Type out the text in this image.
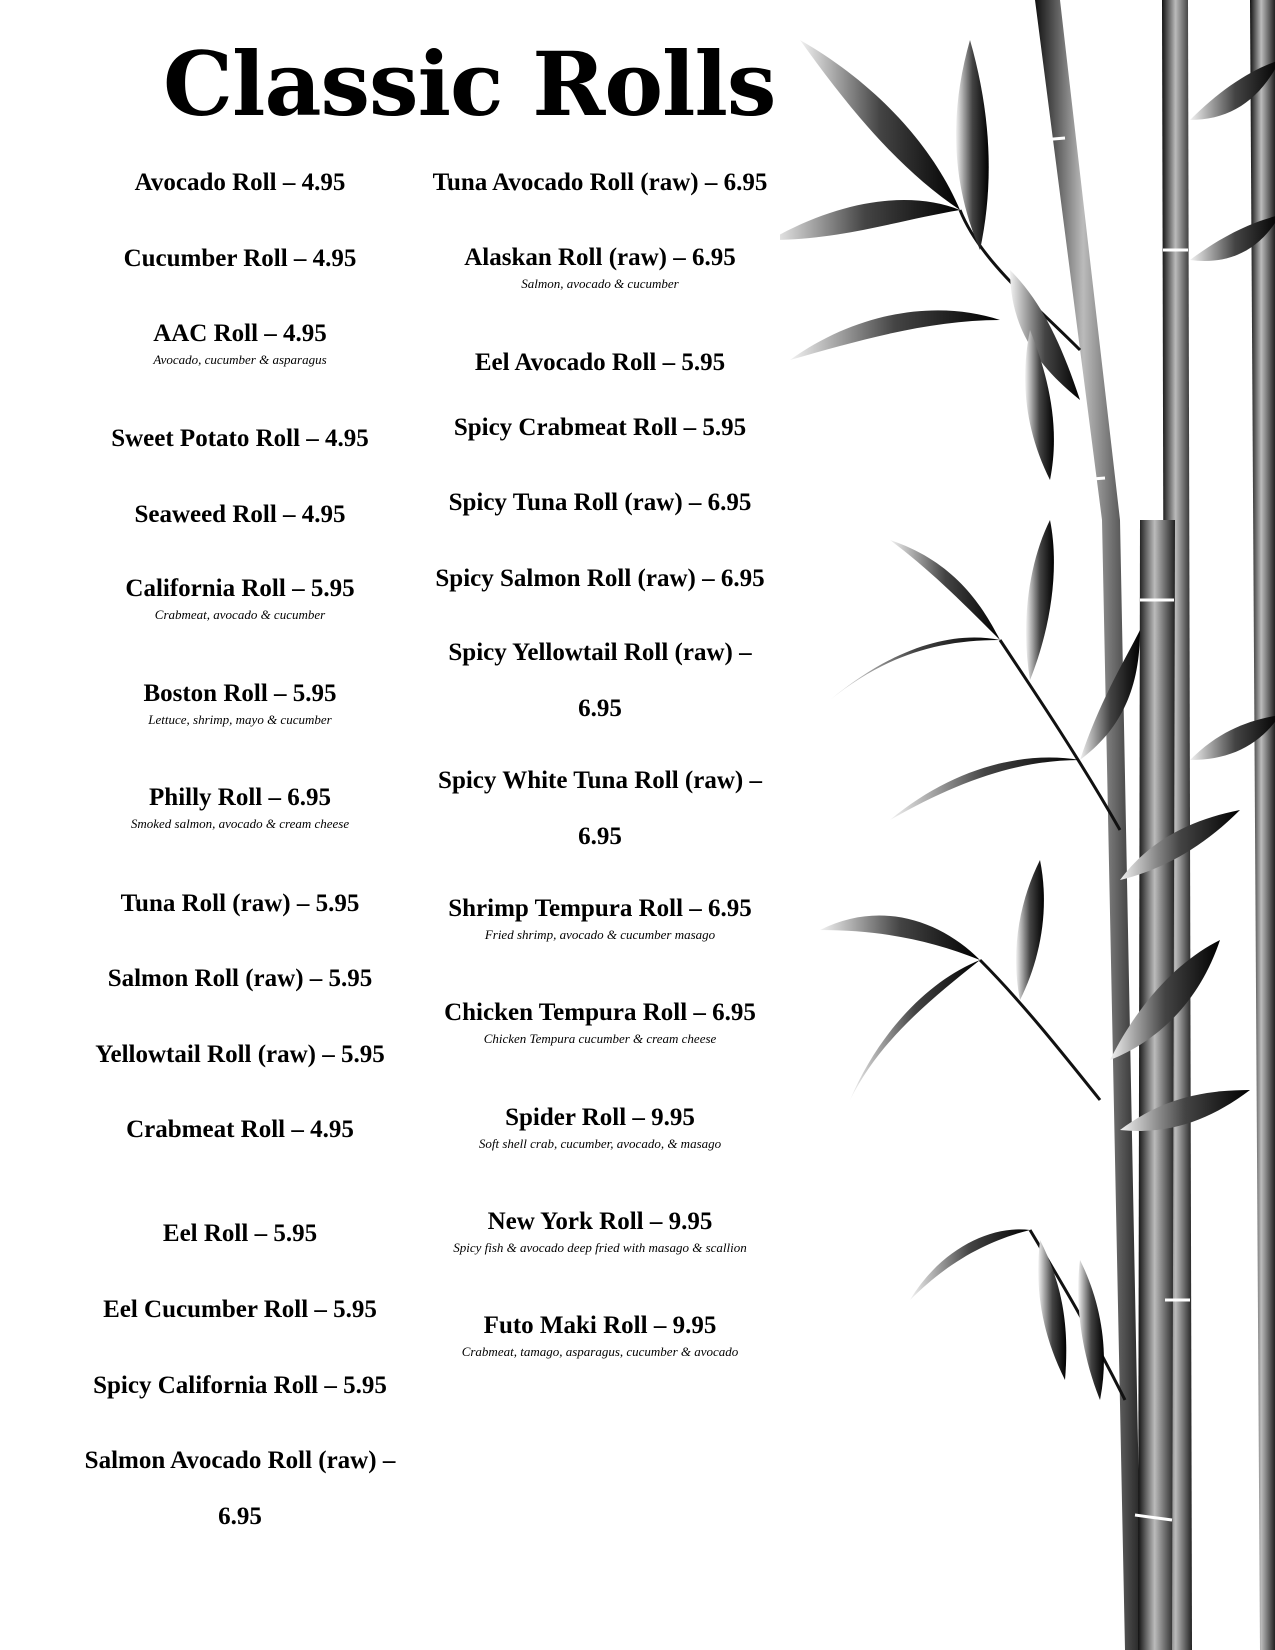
Classic Rolls
Avocado Roll – 4.95
Cucumber Roll – 4.95
AAC Roll – 4.95
Avocado, cucumber & asparagus
Sweet Potato Roll – 4.95
Seaweed Roll – 4.95
California Roll – 5.95
Crabmeat, avocado & cucumber
Boston Roll – 5.95
Lettuce, shrimp, mayo & cucumber
Philly Roll – 6.95
Smoked salmon, avocado & cream cheese
Tuna Roll (raw) – 5.95
Salmon Roll (raw) – 5.95
Yellowtail Roll (raw) – 5.95
Crabmeat Roll – 4.95
Eel Roll – 5.95
Eel Cucumber Roll – 5.95
Spicy California Roll – 5.95
Salmon Avocado Roll (raw) – 6.95
Tuna Avocado Roll (raw) – 6.95
Alaskan Roll (raw) – 6.95
Salmon, avocado & cucumber
Eel Avocado Roll – 5.95
Spicy Crabmeat Roll – 5.95
Spicy Tuna Roll (raw) – 6.95
Spicy Salmon Roll (raw) – 6.95
Spicy Yellowtail Roll (raw) – 6.95
Spicy White Tuna Roll (raw) – 6.95
Shrimp Tempura Roll – 6.95
Fried shrimp, avocado & cucumber masago
Chicken Tempura Roll – 6.95
Chicken Tempura cucumber & cream cheese
Spider Roll – 9.95
Soft shell crab, cucumber, avocado, & masago
New York Roll – 9.95
Spicy fish & avocado deep fried with masago & scallion
Futo Maki Roll – 9.95
Crabmeat, tamago, asparagus, cucumber & avocado
